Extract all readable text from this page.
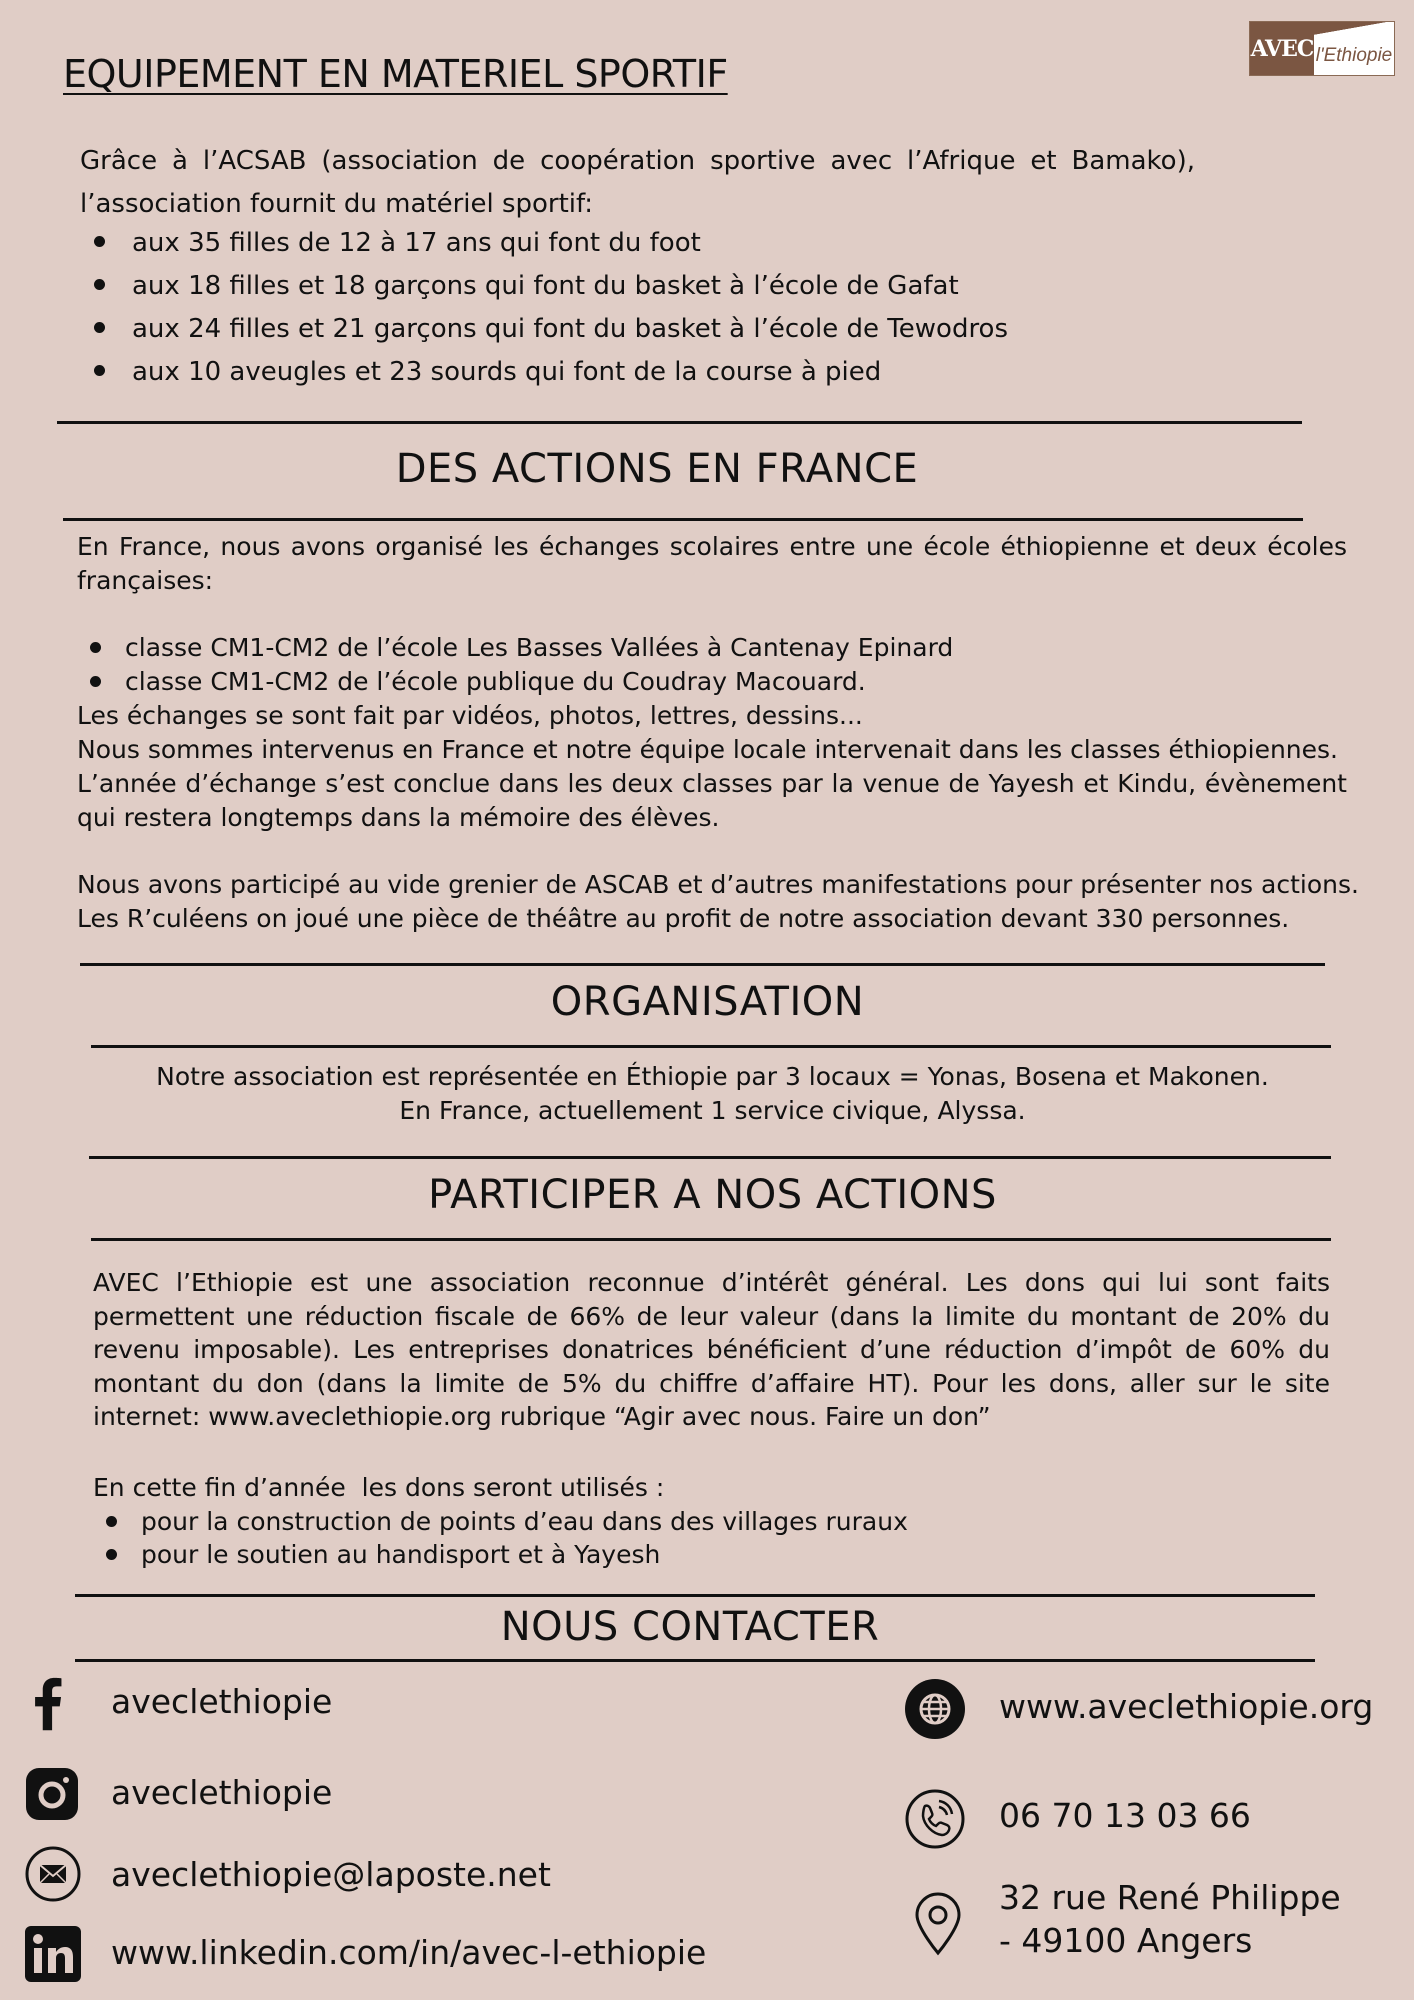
AVEC l'Ethiopie
EQUIPEMENT EN MATERIEL SPORTIF

Grâce à l’ACSAB (association de coopération sportive avec l’Afrique et Bamako), l’association fournit du matériel sportif:

aux 35 filles de 12 à 17 ans qui font du foot
aux 18 filles et 18 garçons qui font du basket à l’école de Gafat
aux 24 filles et 21 garçons qui font du basket à l’école de Tewodros
aux 10 aveugles et 23 sourds qui font de la course à pied
DES ACTIONS EN FRANCE

En France, nous avons organisé les échanges scolaires entre une école éthiopienne et deux écoles françaises:

classe CM1-CM2 de l’école Les Basses Vallées à Cantenay Epinard
classe CM1-CM2 de l’école publique du Coudray Macouard.

Les échanges se sont fait par vidéos, photos, lettres, dessins...

Nous sommes intervenus en France et notre équipe locale intervenait dans les classes éthiopiennes.

L’année d’échange s’est conclue dans les deux classes par la venue de Yayesh et Kindu, évènement qui restera longtemps dans la mémoire des élèves.

Nous avons participé au vide grenier de ASCAB et d’autres manifestations pour présenter nos actions.

Les R’culéens on joué une pièce de théâtre au profit de notre association devant 330 personnes.

ORGANISATION
Notre association est représentée en Éthiopie par 3 locaux = Yonas, Bosena et Makonen.
En France, actuellement 1 service civique, Alyssa.
PARTICIPER A NOS ACTIONS

AVEC l’Ethiopie est une association reconnue d’intérêt général. Les dons qui lui sont faits permettent une réduction fiscale de 66% de leur valeur (dans la limite du montant de 20% du revenu imposable). Les entreprises donatrices bénéficient d’une réduction d’impôt de 60% du montant du don (dans la limite de 5% du chiffre d’affaire HT). Pour les dons, aller sur le site internet: www.aveclethiopie.org rubrique “Agir avec nous. Faire un don”

En cette fin d’année  les dons seront utilisés :

pour la construction de points d’eau dans des villages ruraux
pour le soutien au handisport et à Yayesh
NOUS CONTACTER
aveclethiopie
aveclethiopie
aveclethiopie@laposte.net
www.linkedin.com/in/avec-l-ethiopie
www.aveclethiopie.org
06 70 13 03 66
32 rue René Philippe
- 49100 Angers
